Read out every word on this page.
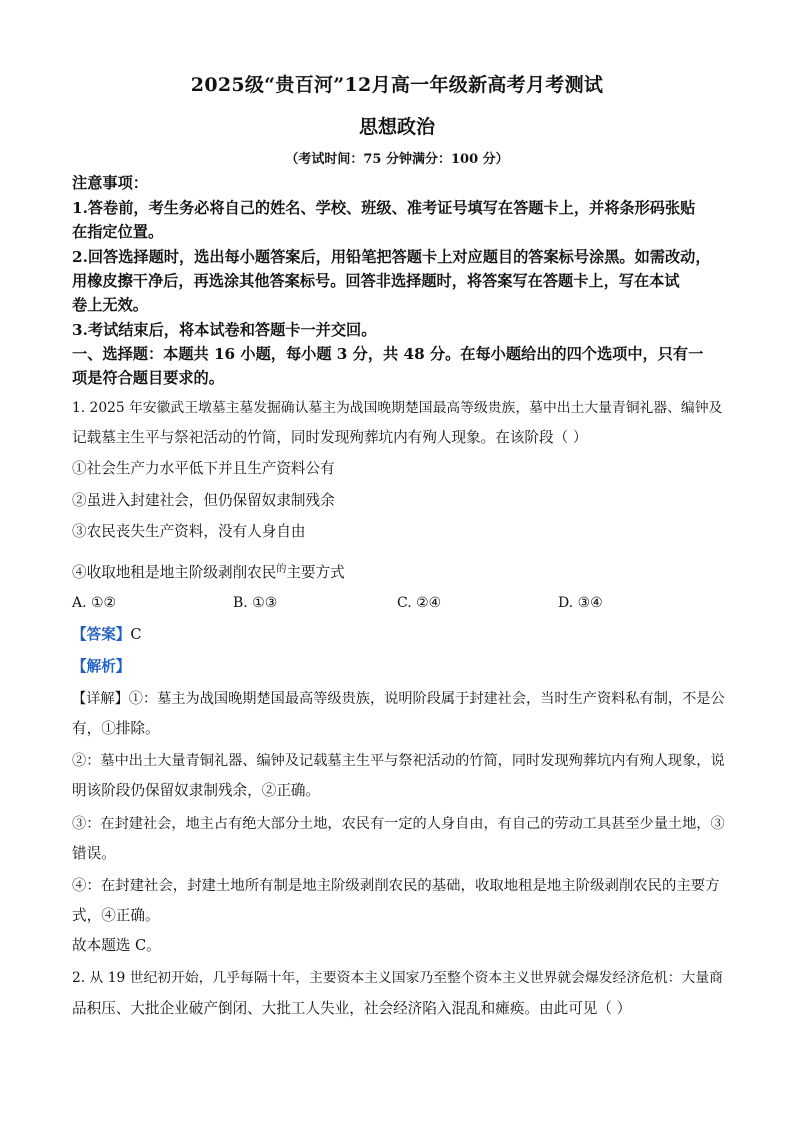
2025级“贵百河”12月高一年级新高考月考测试
思想政治
（考试时间：75 分钟满分：100 分）
注意事项：
1.答卷前，考生务必将自己的姓名、学校、班级、准考证号填写在答题卡上，并将条形码张贴
在指定位置。
2.回答选择题时，选出每小题答案后，用铅笔把答题卡上对应题目的答案标号涂黑。如需改动，
用橡皮擦干净后，再选涂其他答案标号。回答非选择题时，将答案写在答题卡上，写在本试
卷上无效。
3.考试结束后，将本试卷和答题卡一并交回。
一、选择题：本题共 16 小题，每小题 3 分，共 48 分。在每小题给出的四个选项中，只有一
项是符合题目要求的。
1. 2025 年安徽武王墩墓主墓发掘确认墓主为战国晚期楚国最高等级贵族，墓中出土大量青铜礼器、编钟及
记载墓主生平与祭祀活动的竹简，同时发现殉葬坑内有殉人现象。在该阶段（ ）
①社会生产力水平低下并且生产资料公有
②虽进入封建社会，但仍保留奴隶制残余
③农民丧失生产资料，没有人身自由
④收取地租是地主阶级剥削农民$^的$主要方式
A. ①②	B. ①③	C. ②④	D. ③④
【答案】C
【解析】
【详解】①：墓主为战国晚期楚国最高等级贵族，说明阶段属于封建社会，当时生产资料私有制，不是公
有，①排除。
②：墓中出土大量青铜礼器、编钟及记载墓主生平与祭祀活动的竹简，同时发现殉葬坑内有殉人现象，说
明该阶段仍保留奴隶制残余，②正确。
③：在封建社会，地主占有绝大部分土地，农民有一定的人身自由，有自己的劳动工具甚至少量土地，③
错误。
④：在封建社会，封建土地所有制是地主阶级剥削农民的基础，收取地租是地主阶级剥削农民的主要方
式，④正确。
故本题选 C。
2. 从 19 世纪初开始，几乎每隔十年，主要资本主义国家乃至整个资本主义世界就会爆发经济危机：大量商
品积压、大批企业破产倒闭、大批工人失业，社会经济陷入混乱和瘫痪。由此可见（ ）
